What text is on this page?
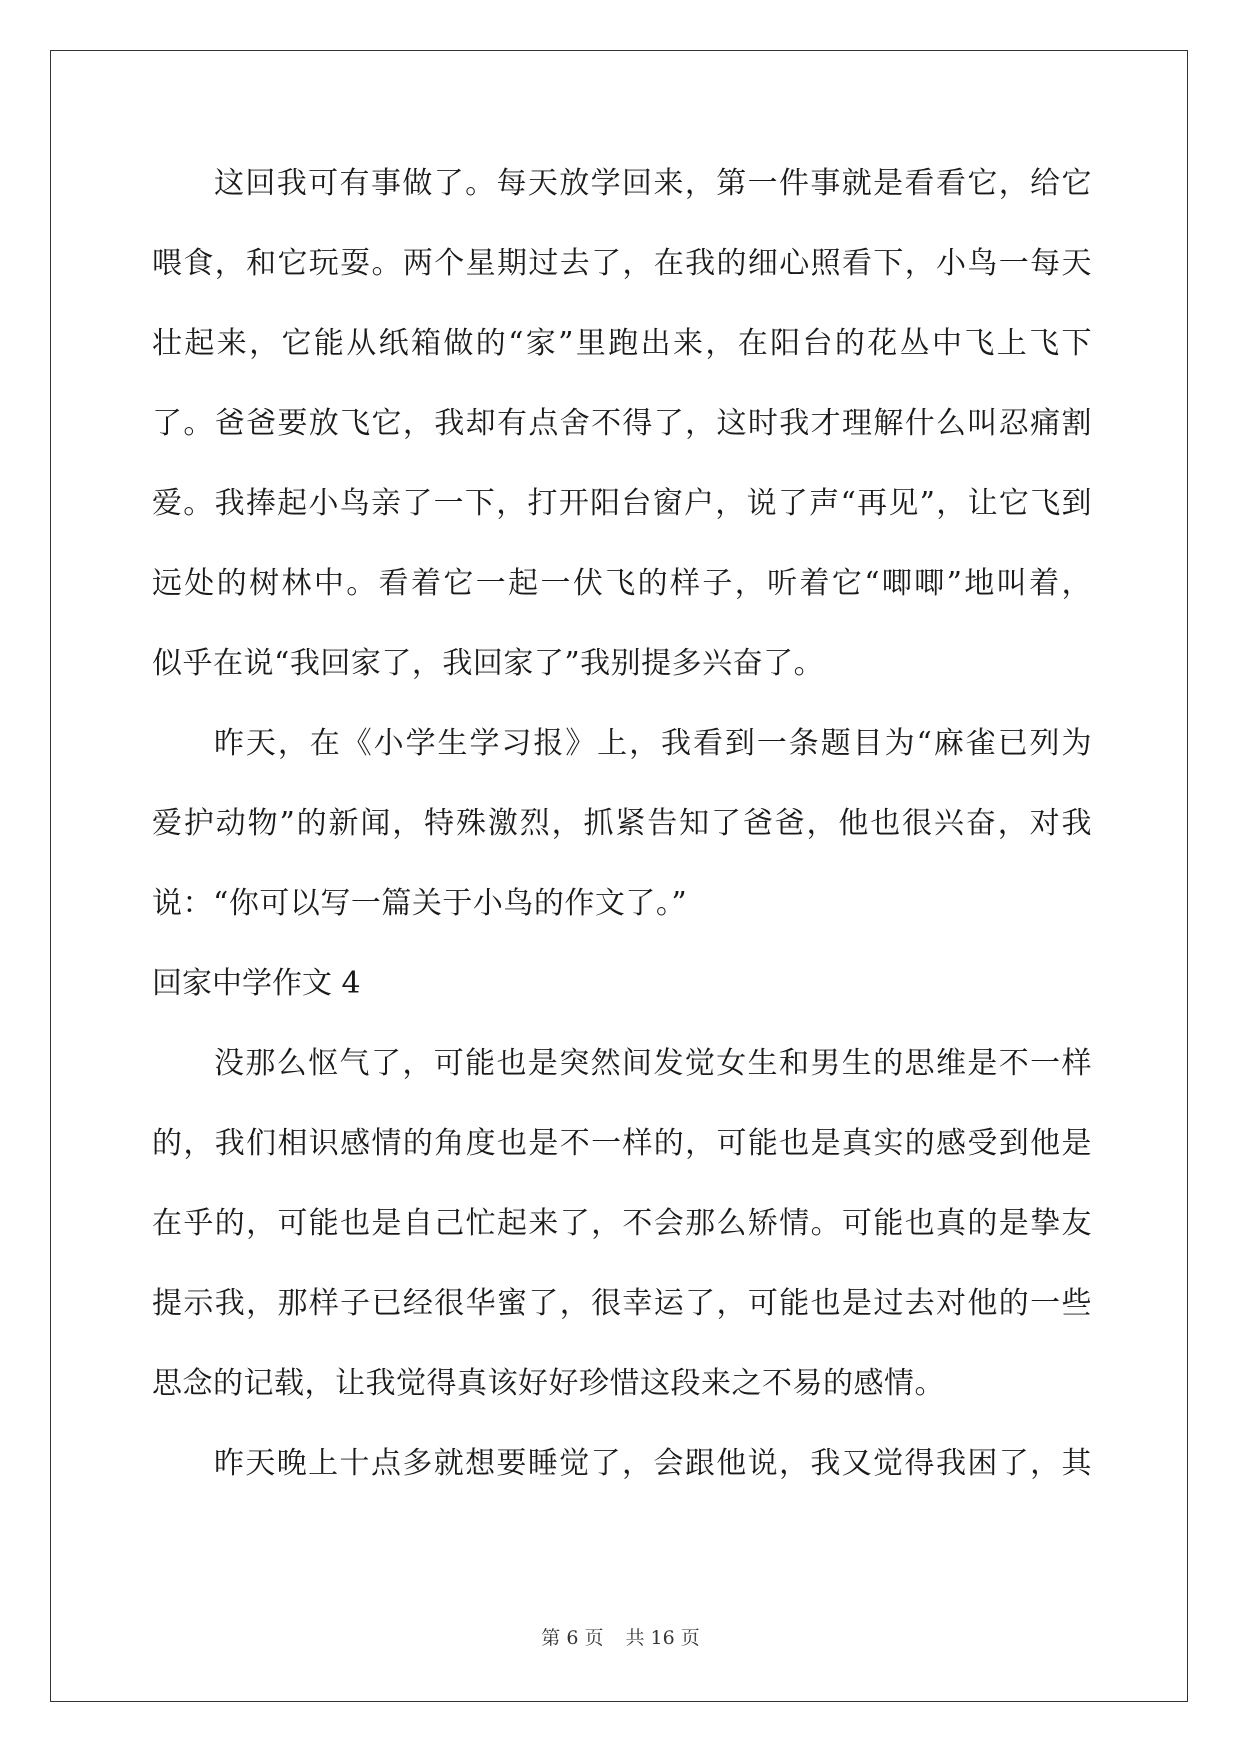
这回我可有事做了。每天放学回来，第一件事就是看看它，给它
喂食，和它玩耍。两个星期过去了，在我的细心照看下，小鸟一每天
壮起来，它能从纸箱做的“家”里跑出来，在阳台的花丛中飞上飞下
了。爸爸要放飞它，我却有点舍不得了，这时我才理解什么叫忍痛割
爱。我捧起小鸟亲了一下，打开阳台窗户，说了声“再见”，让它飞到
远处的树林中。看着它一起一伏飞的样子，听着它“唧唧”地叫着，
似乎在说“我回家了，我回家了”我别提多兴奋了。
昨天，在《小学生学习报》上，我看到一条题目为“麻雀已列为
爱护动物”的新闻，特殊激烈，抓紧告知了爸爸，他也很兴奋，对我
说：“你可以写一篇关于小鸟的作文了。”
回家中学作文 4
没那么怄气了，可能也是突然间发觉女生和男生的思维是不一样
的，我们相识感情的角度也是不一样的，可能也是真实的感受到他是
在乎的，可能也是自己忙起来了，不会那么矫情。可能也真的是挚友
提示我，那样子已经很华蜜了，很幸运了，可能也是过去对他的一些
思念的记载，让我觉得真该好好珍惜这段来之不易的感情。
昨天晚上十点多就想要睡觉了，会跟他说，我又觉得我困了，其
第 6 页 共 16 页
